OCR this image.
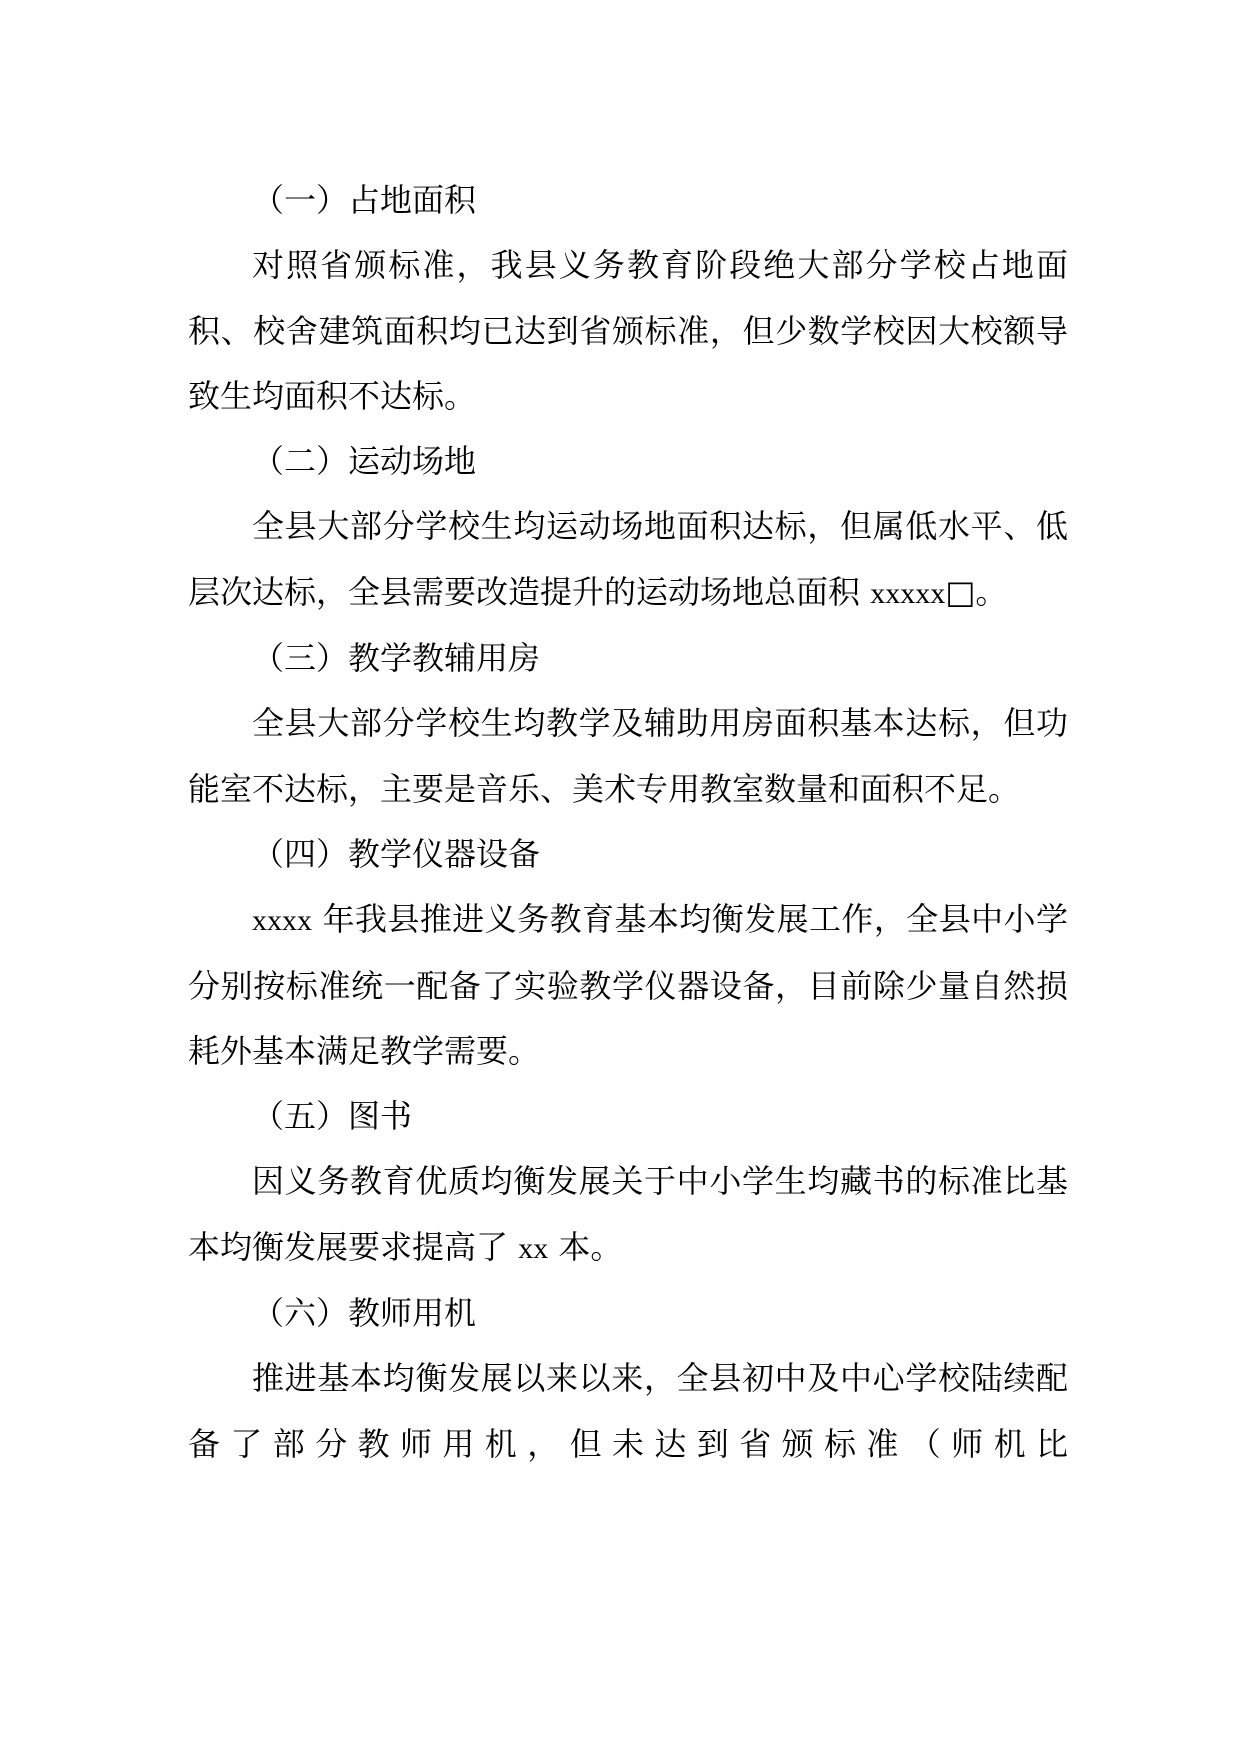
（一）占地面积

对照省颁标准，我县义务教育阶段绝大部分学校占地面积、校舍建筑面积均已达到省颁标准，但少数学校因大校额导致生均面积不达标。

（二）运动场地

全县大部分学校生均运动场地面积达标，但属低水平、低层次达标，全县需要改造提升的运动场地总面积 xxxxx□。

（三）教学教辅用房

全县大部分学校生均教学及辅助用房面积基本达标，但功能室不达标，主要是音乐、美术专用教室数量和面积不足。

（四）教学仪器设备

xxxx 年我县推进义务教育基本均衡发展工作，全县中小学分别按标准统一配备了实验教学仪器设备，目前除少量自然损耗外基本满足教学需要。

（五）图书

因义务教育优质均衡发展关于中小学生均藏书的标准比基本均衡发展要求提高了 xx 本。

（六）教师用机

推进基本均衡发展以来以来，全县初中及中心学校陆续配备了部分教师用机，但未达到省颁标准（师机比
